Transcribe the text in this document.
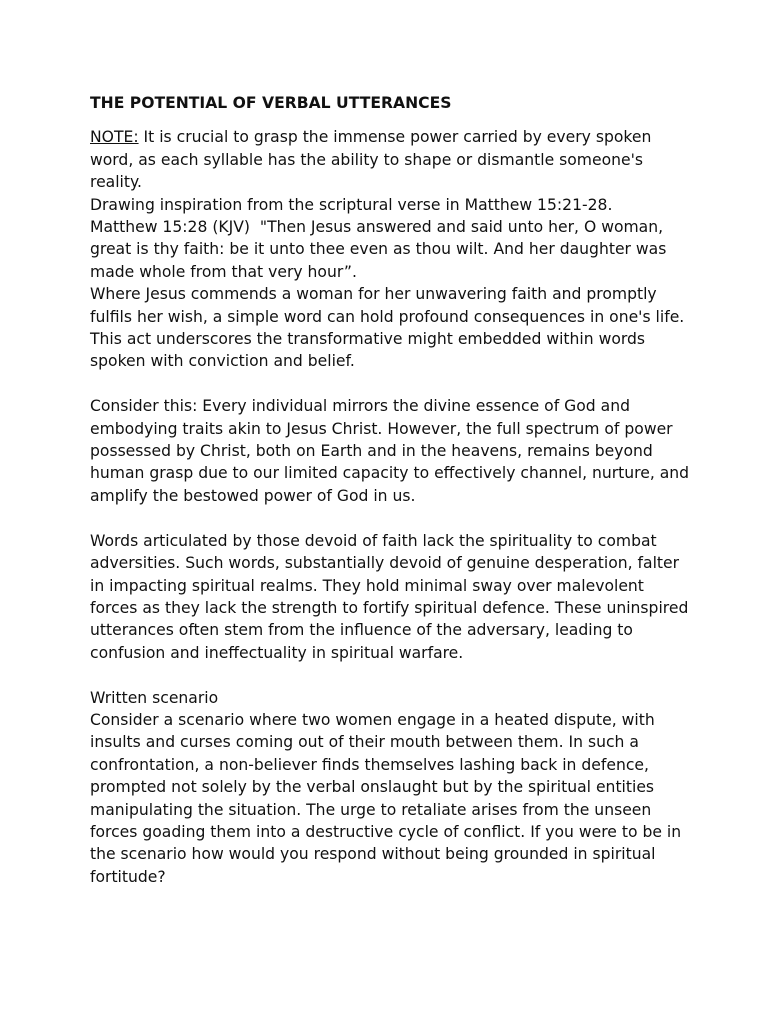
THE POTENTIAL OF VERBAL UTTERANCES

NOTE: It is crucial to grasp the immense power carried by every spoken word, as each syllable has the ability to shape or dismantle someone's reality.

Drawing inspiration from the scriptural verse in Matthew 15:21-28.

Matthew 15:28 (KJV)  "Then Jesus answered and said unto her, O woman, great is thy faith: be it unto thee even as thou wilt. And her daughter was made whole from that very hour”.

Where Jesus commends a woman for her unwavering faith and promptly fulfils her wish, a simple word can hold profound consequences in one's life. This act underscores the transformative might embedded within words spoken with conviction and belief.

Consider this: Every individual mirrors the divine essence of God and embodying traits akin to Jesus Christ. However, the full spectrum of power possessed by Christ, both on Earth and in the heavens, remains beyond human grasp due to our limited capacity to effectively channel, nurture, and amplify the bestowed power of God in us.

Words articulated by those devoid of faith lack the spirituality to combat adversities. Such words, substantially devoid of genuine desperation, falter in impacting spiritual realms. They hold minimal sway over malevolent forces as they lack the strength to fortify spiritual defence. These uninspired utterances often stem from the influence of the adversary, leading to confusion and ineffectuality in spiritual warfare.

Written scenario

Consider a scenario where two women engage in a heated dispute, with insults and curses coming out of their mouth between them. In such a confrontation, a non-believer finds themselves lashing back in defence, prompted not solely by the verbal onslaught but by the spiritual entities manipulating the situation. The urge to retaliate arises from the unseen forces goading them into a destructive cycle of conflict. If you were to be in the scenario how would you respond without being grounded in spiritual fortitude?
